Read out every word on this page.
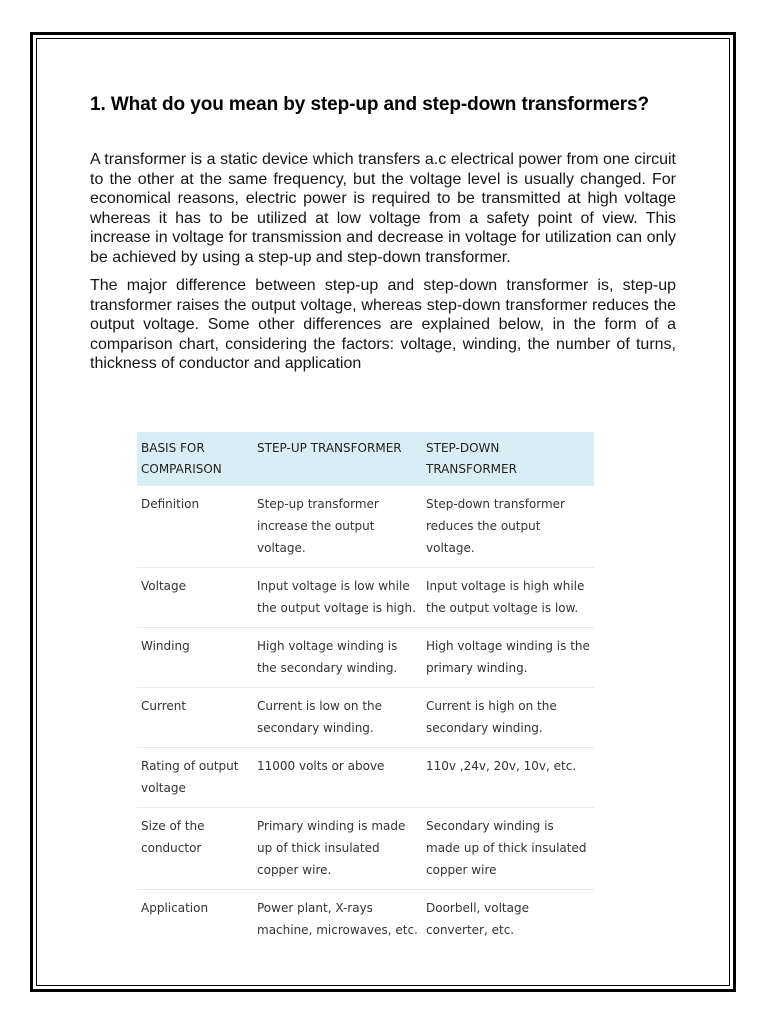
1. What do you mean by step-up and step-down transformers?

A transformer is a static device which transfers a.c electrical power from one circuit to the other at the same frequency, but the voltage level is usually changed. For economical reasons, electric power is required to be transmitted at high voltage whereas it has to be utilized at low voltage from a safety point of view. This increase in voltage for transmission and decrease in voltage for utilization can only be achieved by using a step-up and step-down transformer.

The major difference between step-up and step-down transformer is, step-up transformer raises the output voltage, whereas step-down transformer reduces the output voltage. Some other differences are explained below, in the form of a comparison chart, considering the factors: voltage, winding, the number of turns, thickness of conductor and application

BASIS FOR COMPARISON	STEP-UP TRANSFORMER	STEP-DOWN TRANSFORMER
Definition	Step-up transformer increase the output voltage.	Step-down transformer reduces the output voltage.
Voltage	Input voltage is low while the output voltage is high.	Input voltage is high while the output voltage is low.
Winding	High voltage winding is the secondary winding.	High voltage winding is the primary winding.
Current	Current is low on the secondary winding.	Current is high on the secondary winding.
Rating of output voltage	11000 volts or above	110v ,24v, 20v, 10v, etc.
Size of the conductor	Primary winding is made up of thick insulated copper wire.	Secondary winding is made up of thick insulated copper wire
Application	Power plant, X-rays machine, microwaves, etc.	Doorbell, voltage converter, etc.
